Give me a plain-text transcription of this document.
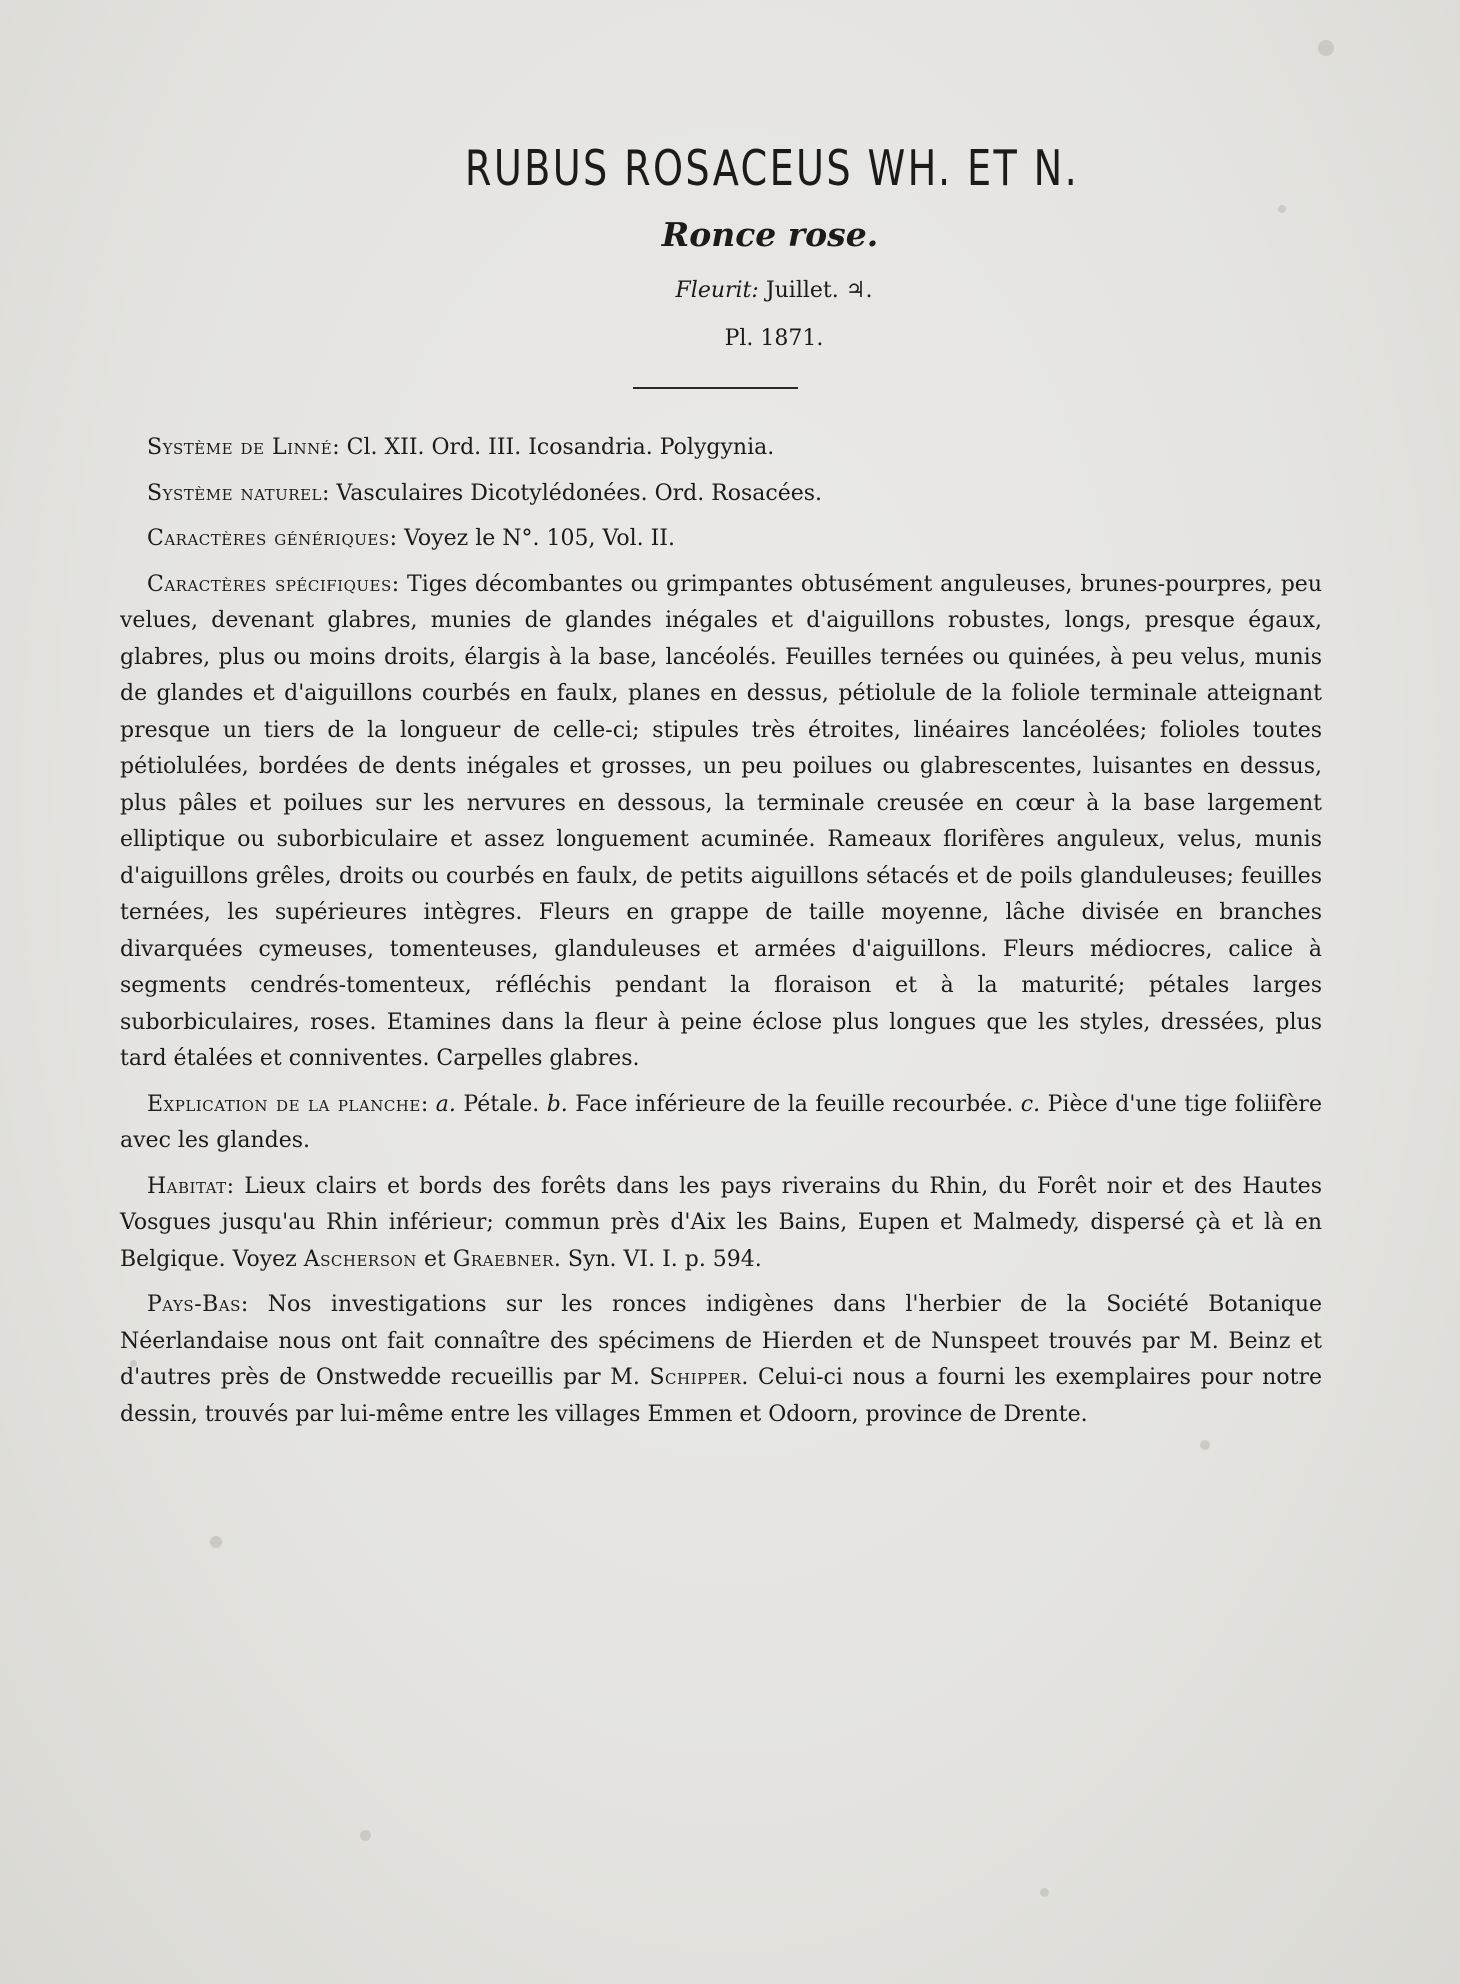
RUBUS ROSACEUS WH. ET N.
Ronce rose.
Fleurit: Juillet. ♃.
Pl. 1871.

Système de Linné: Cl. XII. Ord. III. Icosandria. Polygynia.

Système naturel: Vasculaires Dicotylédonées. Ord. Rosacées.

Caractères génériques: Voyez le N°. 105, Vol. II.

Caractères spécifiques: Tiges décombantes ou grimpantes obtusément anguleuses, brunes-pourpres, peu velues, devenant glabres, munies de glandes inégales et d'aiguillons robustes, longs, presque égaux, glabres, plus ou moins droits, élargis à la base, lancéolés. Feuilles ternées ou quinées, à peu velus, munis de glandes et d'aiguillons courbés en faulx, planes en dessus, pétiolule de la foliole terminale atteignant presque un tiers de la longueur de celle-ci; stipules très étroites, linéaires lancéolées; folioles toutes pétiolulées, bordées de dents inégales et grosses, un peu poilues ou glabrescentes, luisantes en dessus, plus pâles et poilues sur les nervures en dessous, la terminale creusée en cœur à la base largement elliptique ou suborbiculaire et assez longuement acuminée. Rameaux florifères anguleux, velus, munis d'aiguillons grêles, droits ou courbés en faulx, de petits aiguillons sétacés et de poils glanduleuses; feuilles ternées, les supérieures intègres. Fleurs en grappe de taille moyenne, lâche divisée en branches divarquées cymeuses, tomenteuses, glanduleuses et armées d'aiguillons. Fleurs médiocres, calice à segments cendrés-tomenteux, réfléchis pendant la floraison et à la maturité; pétales larges suborbiculaires, roses. Etamines dans la fleur à peine éclose plus longues que les styles, dressées, plus tard étalées et conniventes. Carpelles glabres.

Explication de la planche: a. Pétale. b. Face inférieure de la feuille recourbée. c. Pièce d'une tige foliifère avec les glandes.

Habitat: Lieux clairs et bords des forêts dans les pays riverains du Rhin, du Forêt noir et des Hautes Vosgues jusqu'au Rhin inférieur; commun près d'Aix les Bains, Eupen et Malmedy, dispersé çà et là en Belgique. Voyez Ascherson et Graebner. Syn. VI. I. p. 594.

Pays-Bas: Nos investigations sur les ronces indigènes dans l'herbier de la Société Botanique Néerlandaise nous ont fait connaître des spécimens de Hierden et de Nunspeet trouvés par M. Beinz et d'autres près de Onstwedde recueillis par M. Schipper. Celui-ci nous a fourni les exemplaires pour notre dessin, trouvés par lui-même entre les villages Emmen et Odoorn, province de Drente.
